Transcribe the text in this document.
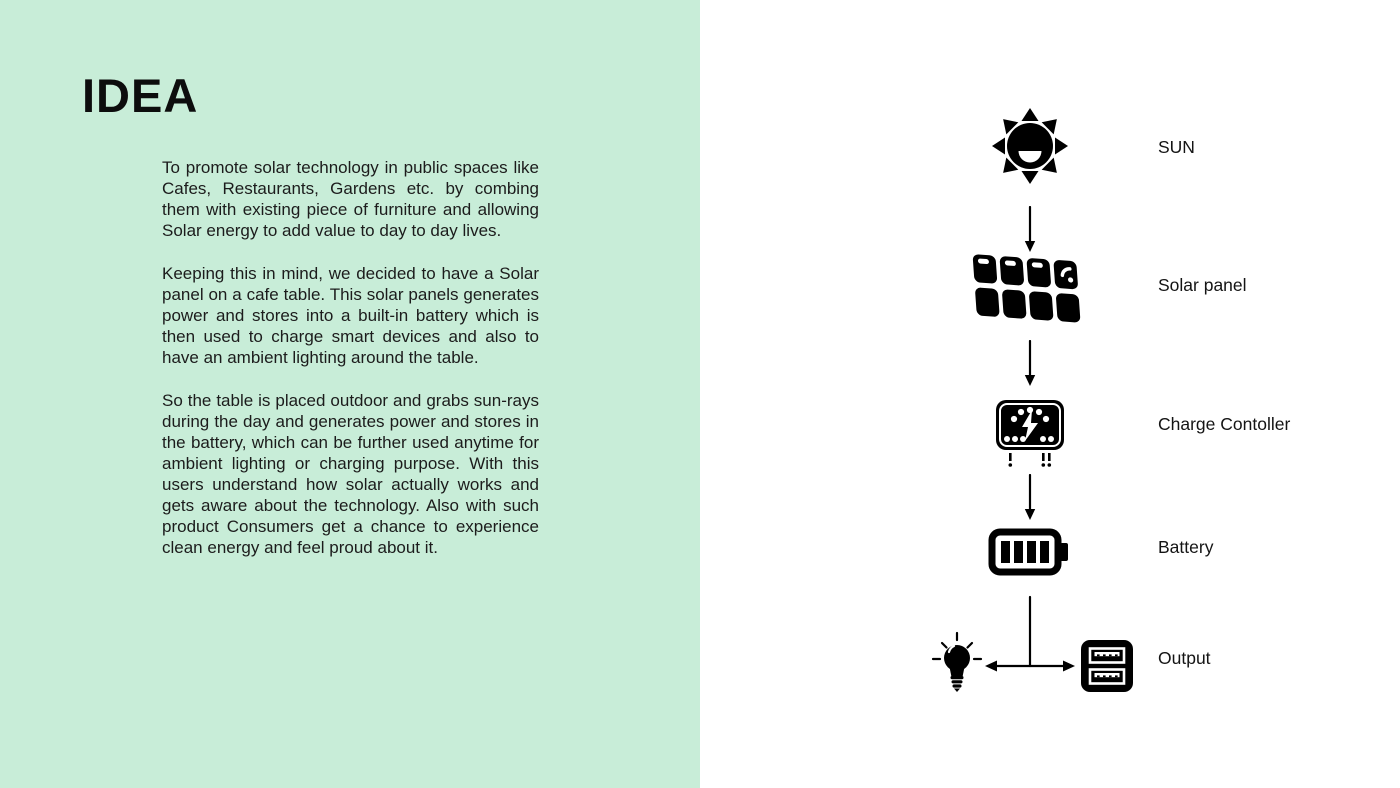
IDEA

To promote solar technology in public spaces like Cafes, Restaurants, Gardens etc. by combing them with existing piece of furniture and allowing Solar energy to add value to day to day lives.

Keeping this in mind, we decided to have a Solar panel on a cafe table. This solar panels generates power and stores into a built-in battery which is then used to charge smart devices and also to have an ambient lighting around the table.

So the table is placed outdoor and grabs sun-rays during the day and generates power and stores in the battery, which can be further used anytime for ambient lighting or charging purpose. With this users understand how solar actually works and gets aware about the technology. Also with such product Consumers get a chance to experience clean energy and feel proud about it.

SUN
Solar panel
Charge Contoller
Battery
Output
